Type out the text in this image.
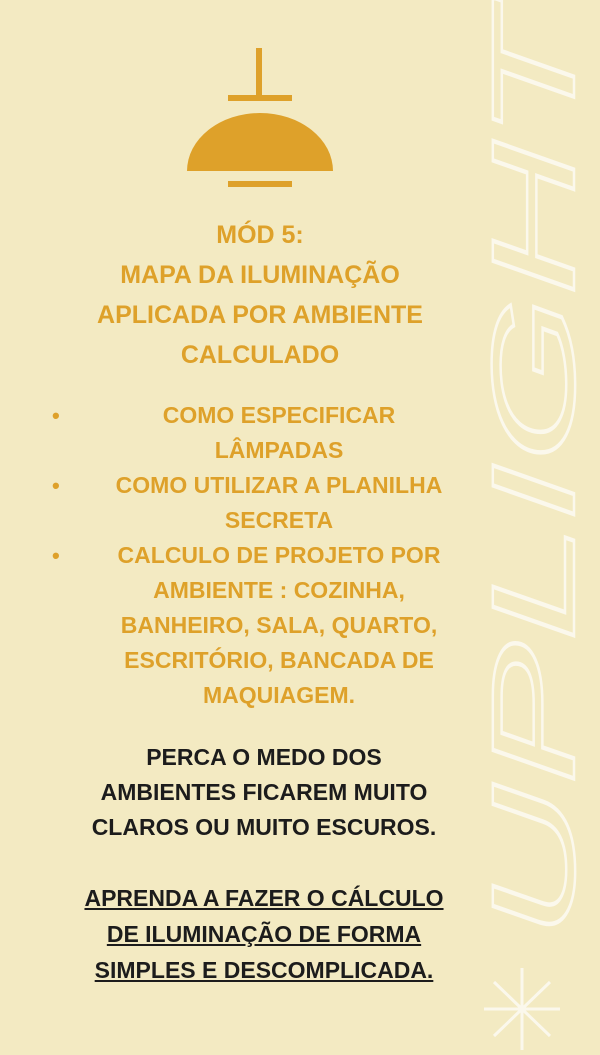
MÓD 5:
MAPA DA ILUMINAÇÃO
APLICADA POR AMBIENTE
CALCULADO
•	COMO ESPECIFICAR
LÂMPADAS
•	COMO UTILIZAR A PLANILHA
SECRETA
•	CALCULO DE PROJETO POR
AMBIENTE : COZINHA,
BANHEIRO, SALA, QUARTO,
ESCRITÓRIO, BANCADA DE
MAQUIAGEM.

PERCA O MEDO DOS
AMBIENTES FICAREM MUITO
CLAROS OU MUITO ESCUROS.

APRENDA A FAZER O CÁLCULO
DE ILUMINAÇÃO DE FORMA
SIMPLES E DESCOMPLICADA.

UPLIGHT
